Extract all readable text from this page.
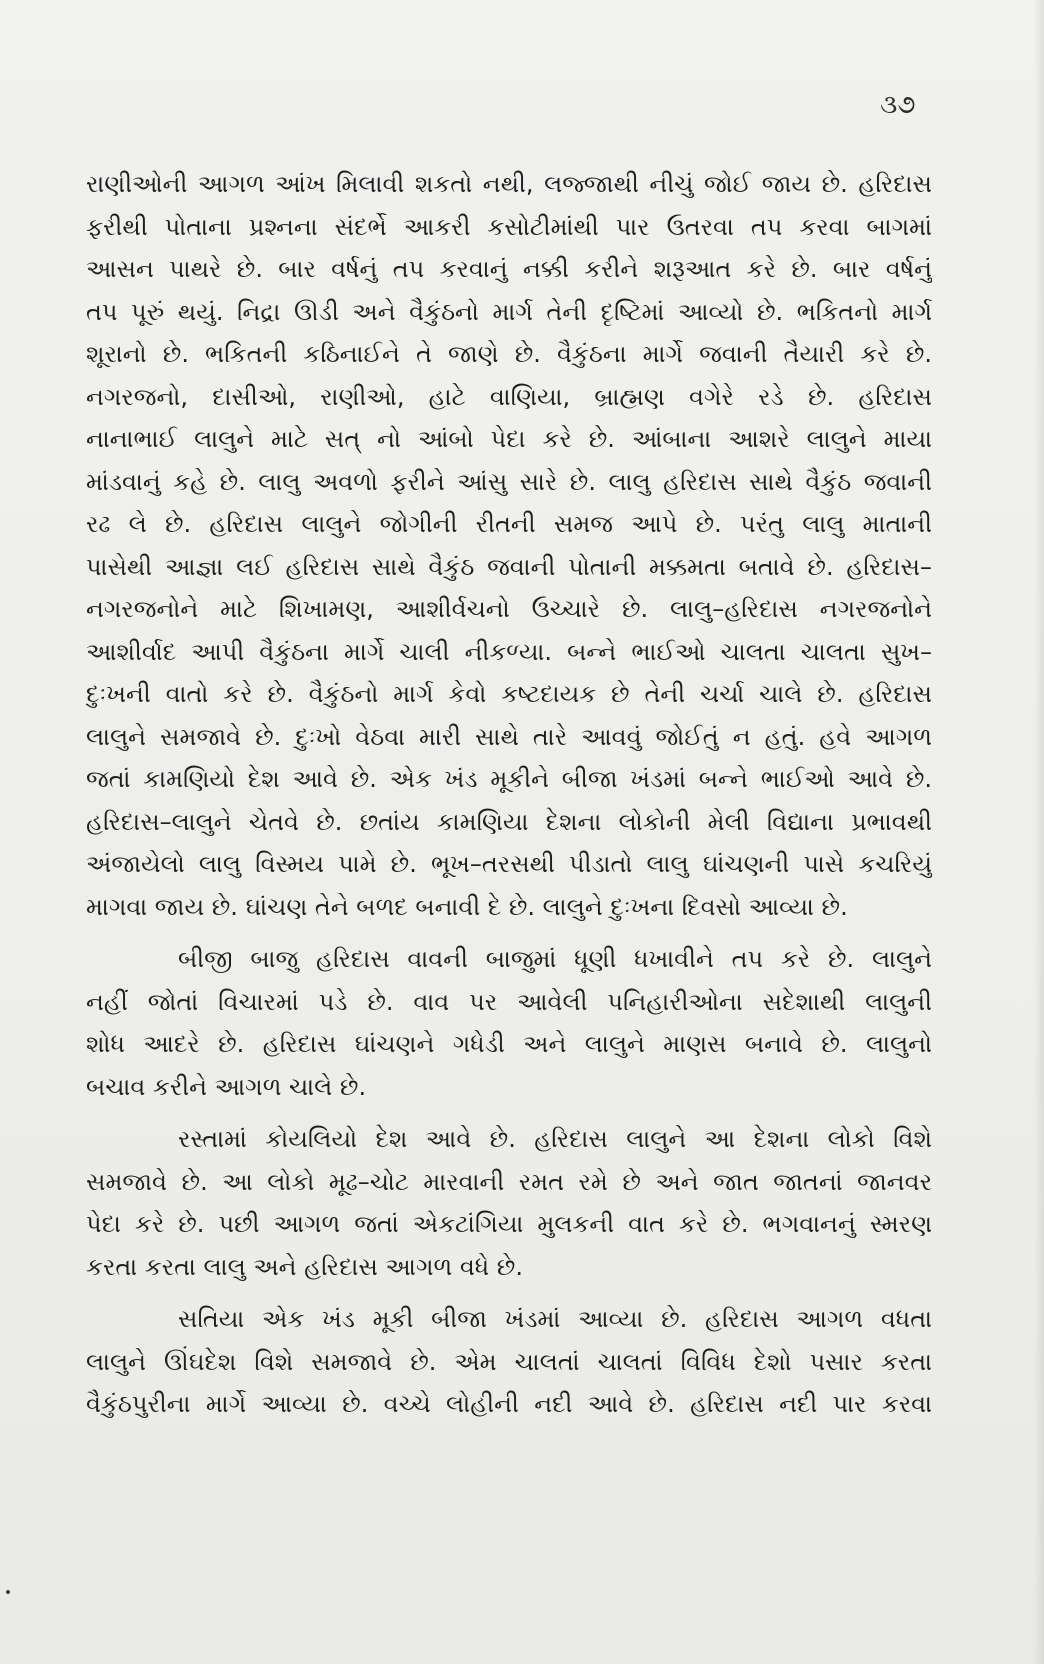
૩૭
રાણીઓની આગળ આંખ મિલાવી શકતો નથી, લજ્જાથી નીચું જોઈ જાય છે. હરિદાસ
ફરીથી પોતાના પ્રશ્નના સંદર્ભે આકરી કસોટીમાંથી પાર ઉતરવા તપ કરવા બાગમાં
આસન પાથરે છે. બાર વર્ષનું તપ કરવાનું નક્કી કરીને શરૂઆત કરે છે. બાર વર્ષનું
તપ પૂરું થયું. નિદ્રા ઊડી અને વૈકુંઠનો માર્ગ તેની દૃષ્ટિમાં આવ્યો છે. ભકિતનો માર્ગ
શૂરાનો છે. ભકિતની કઠિનાઈને તે જાણે છે. વૈકુંઠના માર્ગે જવાની તૈયારી કરે છે.
નગરજનો, દાસીઓ, રાણીઓ, હાટે વાણિયા, બ્રાહ્મણ વગેરે રડે છે. હરિદાસ
નાનાભાઈ લાલુને માટે સત્ નો આંબો પેદા કરે છે. આંબાના આશરે લાલુને માયા
માંડવાનું કહે છે. લાલુ અવળો ફરીને આંસુ સારે છે. લાલુ હરિદાસ સાથે વૈકુંઠ જવાની
રઢ લે છે. હરિદાસ લાલુને જોગીની રીતની સમજ આપે છે. પરંતુ લાલુ માતાની
પાસેથી આજ્ઞા લઈ હરિદાસ સાથે વૈકુંઠ જવાની પોતાની મક્કમતા બતાવે છે. હરિદાસ–
નગરજનોને માટે શિખામણ, આશીર્વચનો ઉચ્ચારે છે. લાલુ–હરિદાસ નગરજનોને
આશીર્વાદ આપી વૈકુંઠના માર્ગે ચાલી નીકળ્યા. બન્ને ભાઈઓ ચાલતા ચાલતા સુખ–
દુઃખની વાતો કરે છે. વૈકુંઠનો માર્ગ કેવો કષ્ટદાયક છે તેની ચર્ચા ચાલે છે. હરિદાસ
લાલુને સમજાવે છે. દુઃખો વેઠવા મારી સાથે તારે આવવું જોઈતું ન હતું. હવે આગળ
જતાં કામણિયો દેશ આવે છે. એક ખંડ મૂકીને બીજા ખંડમાં બન્ને ભાઈઓ આવે છે.
હરિદાસ–લાલુને ચેતવે છે. છતાંય કામણિયા દેશના લોકોની મેલી વિદ્યાના પ્રભાવથી
અંજાયેલો લાલુ વિસ્મય પામે છે. ભૂખ–તરસથી પીડાતો લાલુ ઘાંચણની પાસે કચરિયું
માગવા જાય છે. ઘાંચણ તેને બળદ બનાવી દે છે. લાલુને દુઃખના દિવસો આવ્યા છે.
બીજી બાજુ હરિદાસ વાવની બાજુમાં ધૂણી ધખાવીને તપ કરે છે. લાલુને
નહીં જોતાં વિચારમાં પડે છે. વાવ પર આવેલી પનિહારીઓના સદેશાથી લાલુની
શોધ આદરે છે. હરિદાસ ઘાંચણને ગધેડી અને લાલુને માણસ બનાવે છે. લાલુનો
બચાવ કરીને આગળ ચાલે છે.
રસ્તામાં કોયલિયો દેશ આવે છે. હરિદાસ લાલુને આ દેશના લોકો વિશે
સમજાવે છે. આ લોકો મૂઢ–ચોટ મારવાની રમત રમે છે અને જાત જાતનાં જાનવર
પેદા કરે છે. પછી આગળ જતાં એકટાંગિયા મુલકની વાત કરે છે. ભગવાનનું સ્મરણ
કરતા કરતા લાલુ અને હરિદાસ આગળ વધે છે.
સતિયા એક ખંડ મૂકી બીજા ખંડમાં આવ્યા છે. હરિદાસ આગળ વધતા
લાલુને ઊંઘદેશ વિશે સમજાવે છે. એમ ચાલતાં ચાલતાં વિવિધ દેશો પસાર કરતા
વૈકુંઠપુરીના માર્ગે આવ્યા છે. વચ્ચે લોહીની નદી આવે છે. હરિદાસ નદી પાર કરવા
